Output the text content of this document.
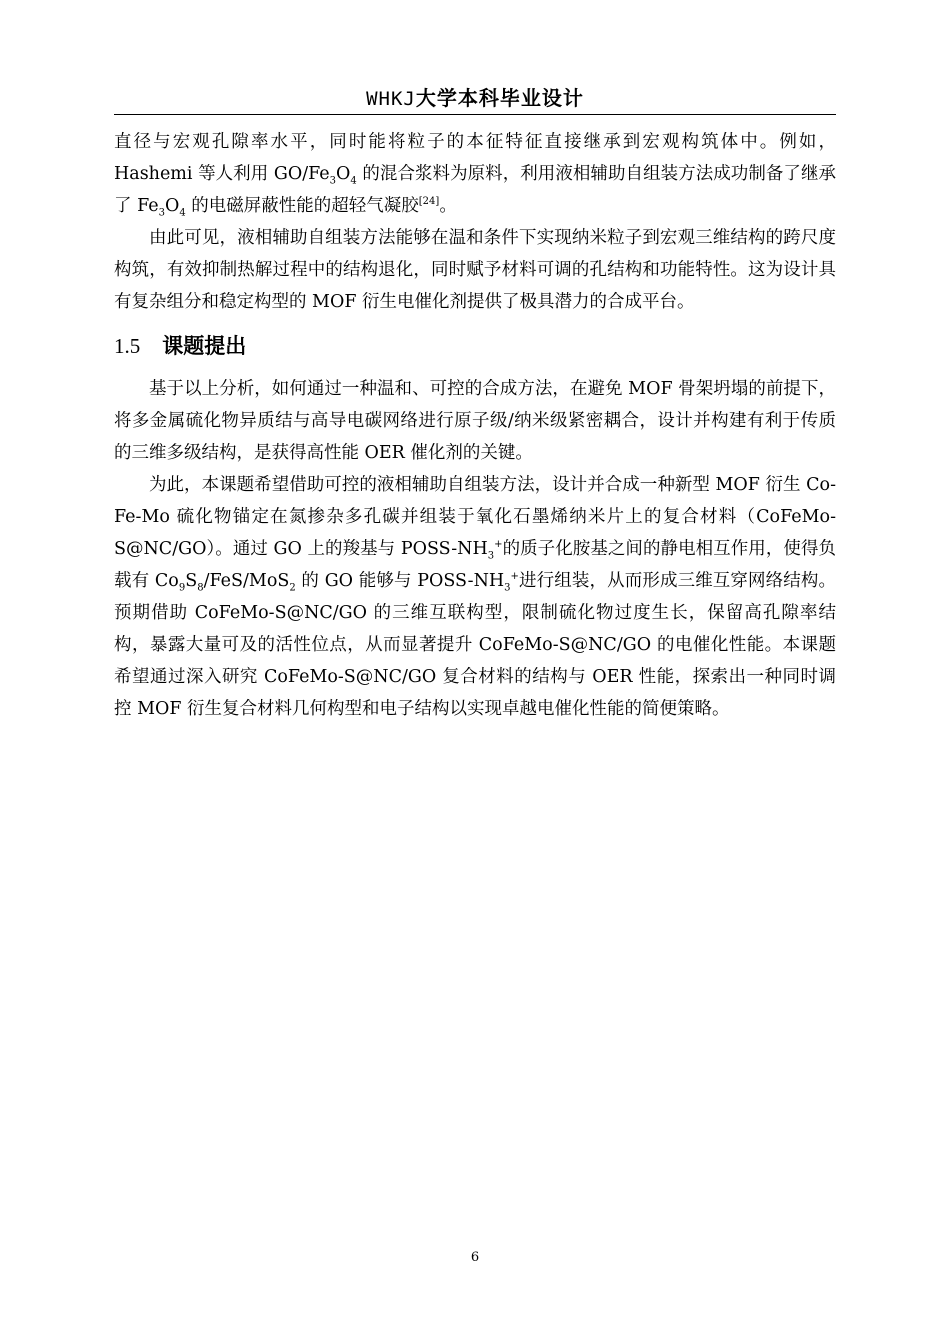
WHKJ大学本科毕业设计

直径与宏观孔隙率水平，同时能将粒子的本征特征直接继承到宏观构筑体中。例如，Hashemi 等人利用 $GO/Fe_3O_4$ 的混合浆料为原料，利用液相辅助自组装方法成功制备了继承了 $Fe_3O_4$ 的电磁屏蔽性能的超轻气凝胶[24]。

由此可见，液相辅助自组装方法能够在温和条件下实现纳米粒子到宏观三维结构的跨尺度构筑，有效抑制热解过程中的结构退化，同时赋予材料可调的孔结构和功能特性。这为设计具有复杂组分和稳定构型的 MOF 衍生电催化剂提供了极具潜力的合成平台。

1.5 课题提出

基于以上分析，如何通过一种温和、可控的合成方法，在避免 MOF 骨架坍塌的前提下，将多金属硫化物异质结与高导电碳网络进行原子级/纳米级紧密耦合，设计并构建有利于传质的三维多级结构，是获得高性能 OER 催化剂的关键。

为此，本课题希望借助可控的液相辅助自组装方法，设计并合成一种新型 MOF 衍生 Co-Fe-Mo 硫化物锚定在氮掺杂多孔碳并组装于氧化石墨烯纳米片上的复合材料（CoFeMo-S@NC/GO）。通过 GO 上的羧基与 POSS-$NH_3^+$的质子化胺基之间的静电相互作用，使得负载有 $Co_9S_8/FeS/MoS_2$ 的 GO 能够与 POSS-$NH_3^+$进行组装，从而形成三维互穿网络结构。预期借助 CoFeMo-S@NC/GO 的三维互联构型，限制硫化物过度生长，保留高孔隙率结构，暴露大量可及的活性位点，从而显著提升 CoFeMo-S@NC/GO 的电催化性能。本课题希望通过深入研究 CoFeMo-S@NC/GO 复合材料的结构与 OER 性能，探索出一种同时调控 MOF 衍生复合材料几何构型和电子结构以实现卓越电催化性能的简便策略。

6
